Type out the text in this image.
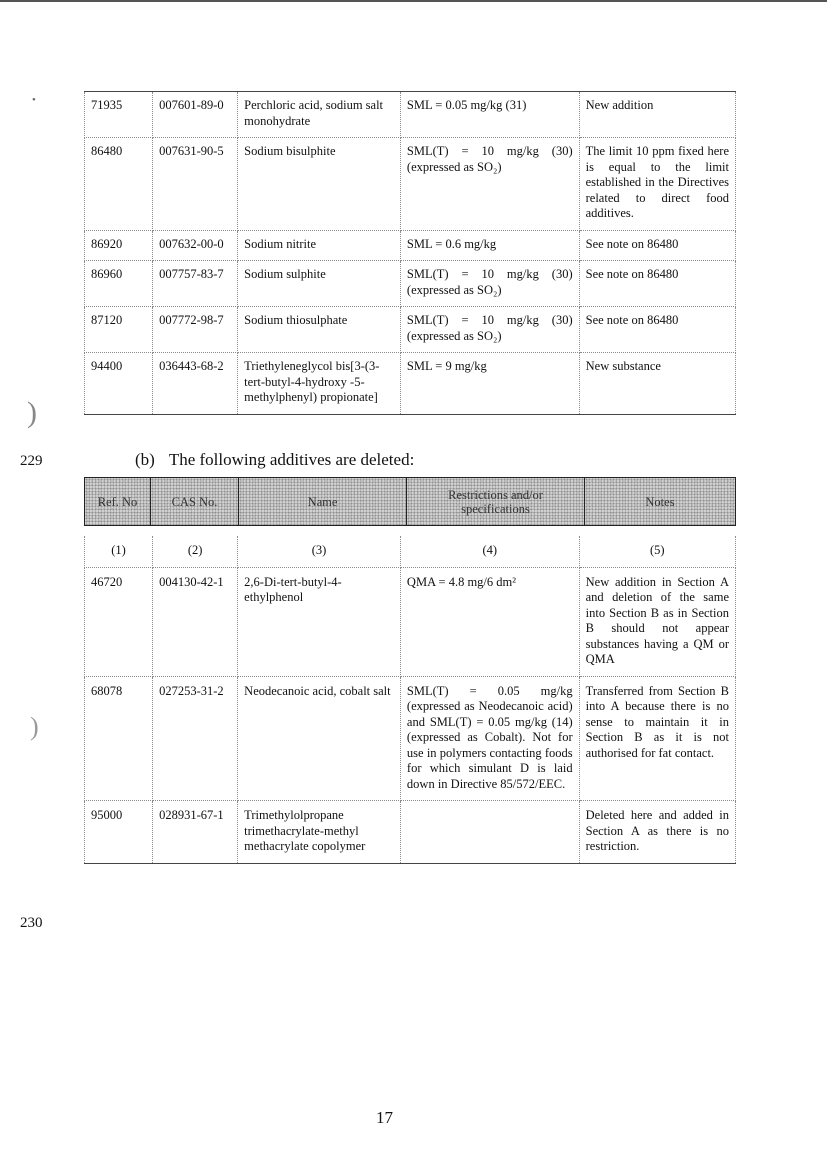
71935	007601-89-0	Perchloric acid, sodium salt monohydrate	SML = 0.05 mg/kg (31)	New addition
86480	007631-90-5	Sodium bisulphite	SML(T) = 10 mg/kg (30) (expressed as SO₂)	The limit 10 ppm fixed here is equal to the limit established in the Directives related to direct food additives.
86920	007632-00-0	Sodium nitrite	SML = 0.6 mg/kg	See note on 86480
86960	007757-83-7	Sodium sulphite	SML(T) = 10 mg/kg (30) (expressed as SO₂)	See note on 86480
87120	007772-98-7	Sodium thiosulphate	SML(T) = 10 mg/kg (30) (expressed as SO₂)	See note on 86480
94400	036443-68-2	Triethyleneglycol bis[3-(3-tert-butyl-4-hydroxy -5-methylphenyl) propionate]	SML = 9 mg/kg	New substance
229	(b) The following additives are deleted:
Ref. No	CAS No.	Name	Restrictions and/or specifications	Notes
(1)	(2)	(3)	(4)	(5)
46720	004130-42-1	2,6-Di-tert-butyl-4-ethylphenol	QMA = 4.8 mg/6 dm²	New addition in Section A and deletion of the same into Section B as in Section B should not appear substances having a QM or QMA
68078	027253-31-2	Neodecanoic acid, cobalt salt	SML(T) = 0.05 mg/kg (expressed as Neodecanoic acid) and SML(T) = 0.05 mg/kg (14) (expressed as Cobalt). Not for use in polymers contacting foods for which simulant D is laid down in Directive 85/572/EEC.	Transferred from Section B into A because there is no sense to maintain it in Section B as it is not authorised for fat contact.
95000	028931-67-1	Trimethylolpropane trimethacrylate-methyl methacrylate copolymer		Deleted here and added in Section A as there is no restriction.
230
•
)
)
17
